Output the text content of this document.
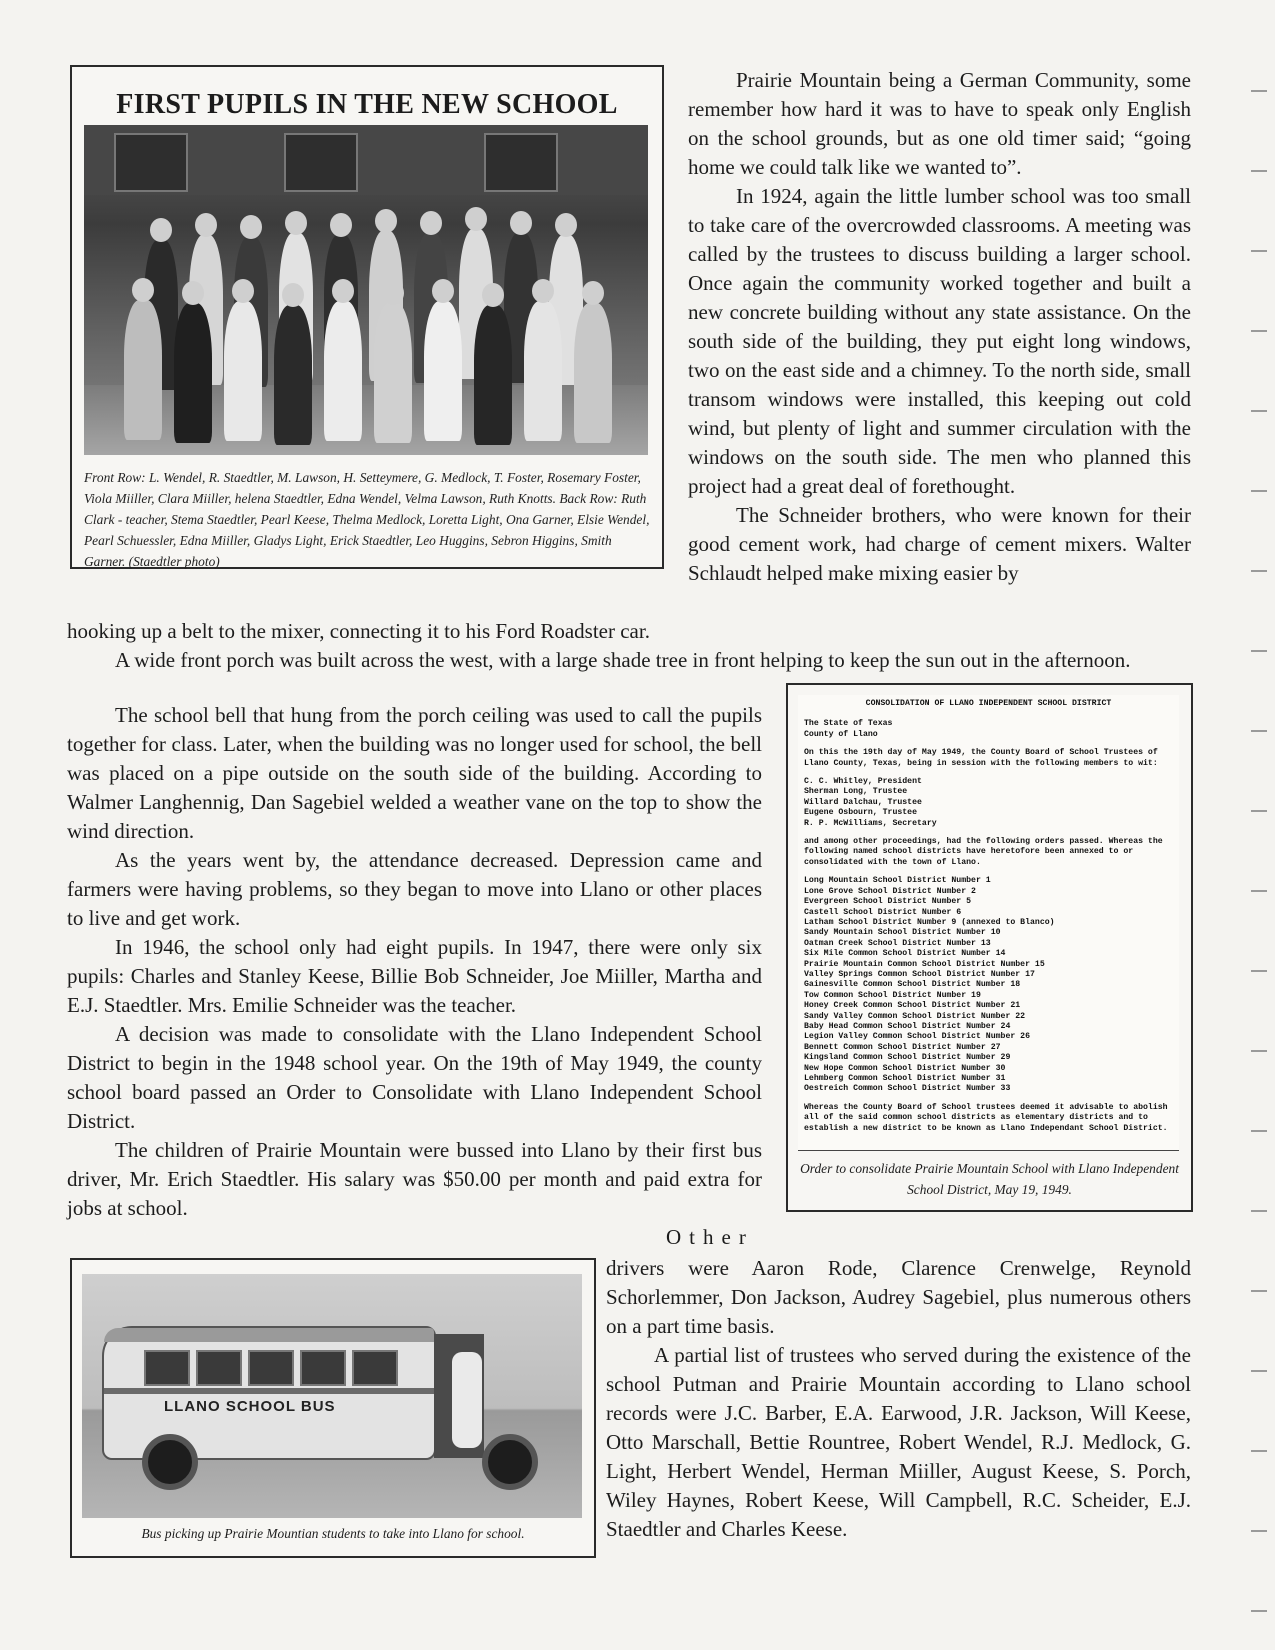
FIRST PUPILS IN THE NEW SCHOOL
Front Row: L. Wendel, R. Staedtler, M. Lawson, H. Setteymere, G. Medlock, T. Foster, Rosemary Foster, Viola Miiller, Clara Miiller, helena Staedtler, Edna Wendel, Velma Lawson, Ruth Knotts. Back Row: Ruth Clark - teacher, Stema Staedtler, Pearl Keese, Thelma Medlock, Loretta Light, Ona Garner, Elsie Wendel, Pearl Schuessler, Edna Miiller, Gladys Light, Erick Staedtler, Leo Huggins, Sebron Higgins, Smith Garner. (Staedtler photo)

Prairie Mountain being a German Community, some remember how hard it was to have to speak only English on the school grounds, but as one old timer said; “going home we could talk like we wanted to”.

In 1924, again the little lumber school was too small to take care of the overcrowded classrooms. A meeting was called by the trustees to discuss building a larger school. Once again the community worked together and built a new concrete building without any state assistance. On the south side of the building, they put eight long windows, two on the east side and a chimney. To the north side, small transom windows were installed, this keeping out cold wind, but plenty of light and summer circulation with the windows on the south side. The men who planned this project had a great deal of forethought.

The Schneider brothers, who were known for their good cement work, had charge of cement mixers. Walter Schlaudt helped make mixing easier by

hooking up a belt to the mixer, connecting it to his Ford Roadster car.

A wide front porch was built across the west, with a large shade tree in front helping to keep the sun out in the afternoon.

The school bell that hung from the porch ceiling was used to call the pupils together for class. Later, when the building was no longer used for school, the bell was placed on a pipe outside on the south side of the building. According to Walmer Langhennig, Dan Sagebiel welded a weather vane on the top to show the wind direction.

As the years went by, the attendance decreased. Depression came and farmers were having problems, so they began to move into Llano or other places to live and get work.

In 1946, the school only had eight pupils. In 1947, there were only six pupils: Charles and Stanley Keese, Billie Bob Schneider, Joe Miiller, Martha and E.J. Staedtler. Mrs. Emilie Schneider was the teacher.

A decision was made to consolidate with the Llano Independent School District to begin in the 1948 school year. On the 19th of May 1949, the county school board passed an Order to Consolidate with Llano Independent School District.

The children of Prairie Mountain were bussed into Llano by their first bus driver, Mr. Erich Staedtler. His salary was $50.00 per month and paid extra for jobs at school.

CONSOLIDATION OF LLANO INDEPENDENT SCHOOL DISTRICT
The State of Texas
County of Llano
On this the 19th day of May 1949, the County Board of School Trustees of Llano County, Texas, being in session with the following members to wit:
C. C. Whitley, President
Sherman Long, Trustee
Willard Dalchau, Trustee
Eugene Osbourn, Trustee
R. P. McWilliams, Secretary
and among other proceedings, had the following orders passed. Whereas the following named school districts have heretofore been annexed to or consolidated with the town of Llano.
Long Mountain School District Number 1
Lone Grove School District Number 2
Evergreen School District Number 5
Castell School District Number 6
Latham School District Number 9 (annexed to Blanco)
Sandy Mountain School District Number 10
Oatman Creek School District Number 13
Six Mile Common School District Number 14
Prairie Mountain Common School District Number 15
Valley Springs Common School District Number 17
Gainesville Common School District Number 18
Tow Common School District Number 19
Honey Creek Common School District Number 21
Sandy Valley Common School District Number 22
Baby Head Common School District Number 24
Legion Valley Common School District Number 26
Bennett Common School District Number 27
Kingsland Common School District Number 29
New Hope Common School District Number 30
Lehmberg Common School District Number 31
Oestreich Common School District Number 33
Whereas the County Board of School trustees deemed it advisable to abolish all of the said common school districts as elementary districts and to establish a new district to be known as Llano Independant School District.
Order to consolidate Prairie Mountain School with Llano Independent School District, May 19, 1949.
Other

drivers were Aaron Rode, Clarence Crenwelge, Reynold Schorlemmer, Don Jackson, Audrey Sagebiel, plus numerous others on a part time basis.

A partial list of trustees who served during the existence of the school Putman and Prairie Mountain according to Llano school records were J.C. Barber, E.A. Earwood, J.R. Jackson, Will Keese, Otto Marschall, Bettie Rountree, Robert Wendel, R.J. Medlock, G. Light, Herbert Wendel, Herman Miiller, August Keese, S. Porch, Wiley Haynes, Robert Keese, Will Campbell, R.C. Scheider, E.J. Staedtler and Charles Keese.

LLANO SCHOOL BUS
Bus picking up Prairie Mountian students to take into Llano for school.
